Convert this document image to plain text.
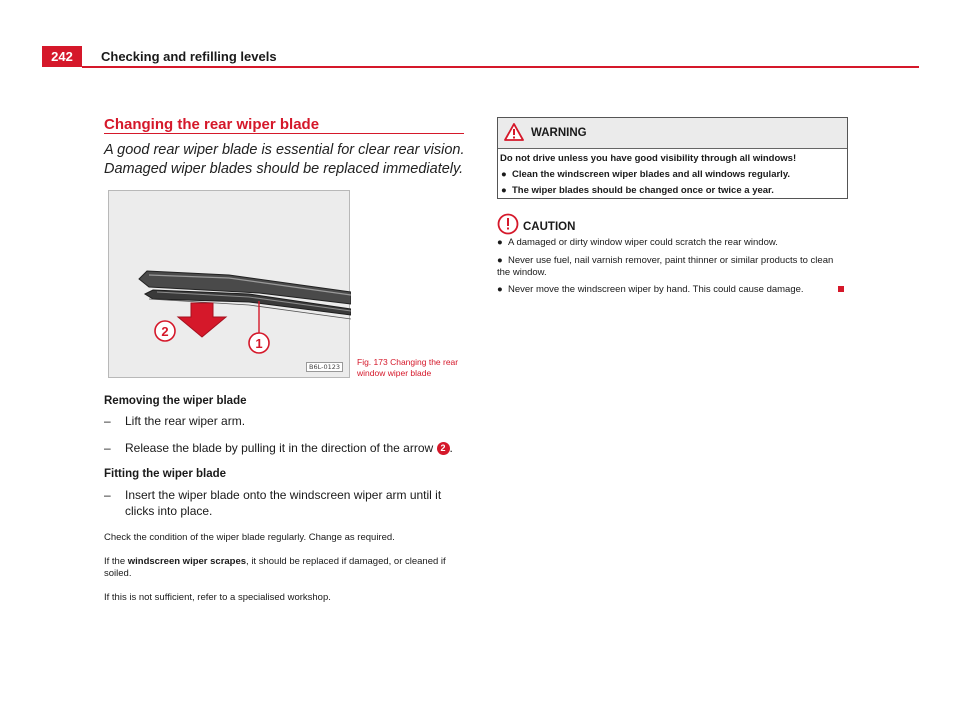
242	Checking and refilling levels
Changing the rear wiper blade
A good rear wiper blade is essential for clear rear vision. Damaged wiper blades should be replaced immediately.
1
2
B6L-0123	Fig. 173 Changing the rear window wiper blade
Removing the wiper blade
– Lift the rear wiper arm.
– Release the blade by pulling it in the direction of the arrow 2 .
Fitting the wiper blade
– Insert the wiper blade onto the windscreen wiper arm until it clicks into place.
Check the condition of the wiper blade regularly. Change as required.
If the windscreen wiper scrapes, it should be replaced if damaged, or cleaned if soiled.
If this is not sufficient, refer to a specialised workshop.
WARNING
Do not drive unless you have good visibility through all windows!
● Clean the windscreen wiper blades and all windows regularly.
● The wiper blades should be changed once or twice a year.
CAUTION
● A damaged or dirty window wiper could scratch the rear window.
● Never use fuel, nail varnish remover, paint thinner or similar products to clean the window.
● Never move the windscreen wiper by hand. This could cause damage.
